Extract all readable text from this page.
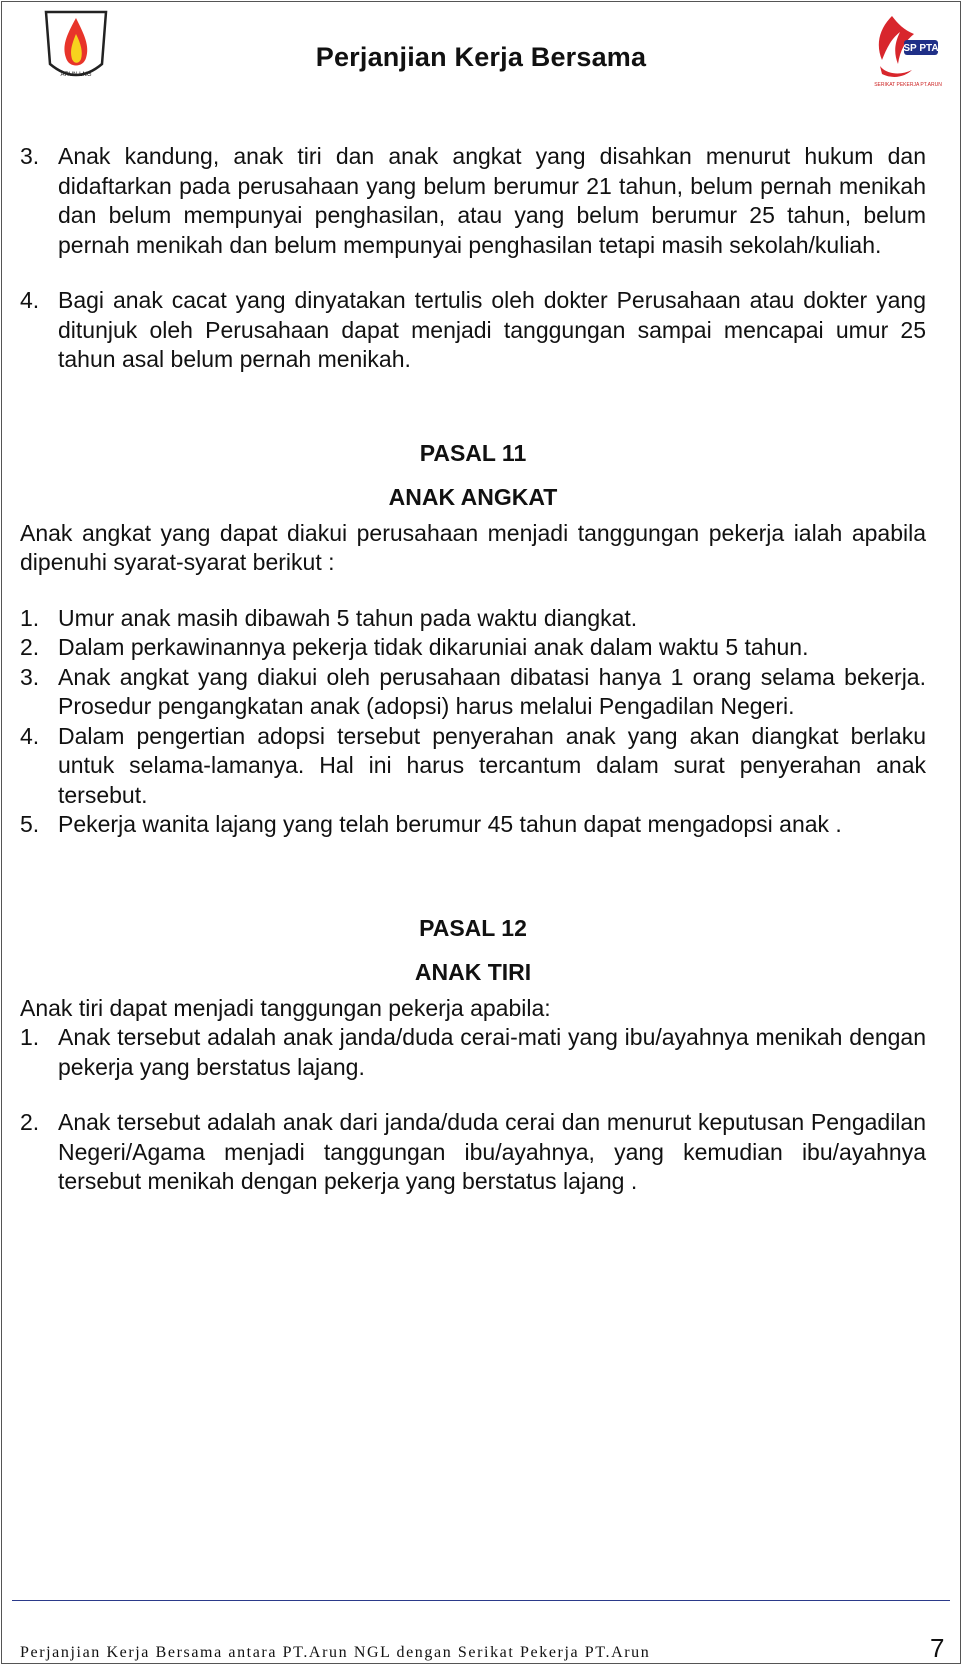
ARUN LNG
Perjanjian Kerja Bersama	SP PTA
SERIKAT PEKERJA PT.ARUN
3. Anak kandung, anak tiri dan anak angkat yang disahkan menurut hukum dan didaftarkan pada perusahaan yang belum berumur 21 tahun, belum pernah menikah dan belum mempunyai penghasilan, atau yang belum berumur 25 tahun, belum pernah menikah dan belum mempunyai penghasilan tetapi masih sekolah/kuliah.
4. Bagi anak cacat yang dinyatakan tertulis oleh dokter Perusahaan atau dokter yang ditunjuk oleh Perusahaan dapat menjadi tanggungan sampai mencapai umur 25 tahun asal belum pernah menikah.
PASAL 11
ANAK ANGKAT
Anak angkat yang dapat diakui perusahaan menjadi tanggungan pekerja ialah apabila dipenuhi syarat-syarat berikut :
1. Umur anak masih dibawah 5 tahun pada waktu diangkat.
2. Dalam perkawinannya pekerja tidak dikaruniai anak dalam waktu 5 tahun.
3. Anak angkat yang diakui oleh perusahaan dibatasi hanya 1 orang selama bekerja. Prosedur pengangkatan anak (adopsi) harus melalui Pengadilan Negeri.
4. Dalam pengertian adopsi tersebut penyerahan anak yang akan diangkat berlaku untuk selama-lamanya. Hal ini harus tercantum dalam surat penyerahan anak tersebut.
5. Pekerja wanita lajang yang telah berumur 45 tahun dapat mengadopsi anak .
PASAL 12
ANAK TIRI
Anak tiri dapat menjadi tanggungan pekerja apabila:
1. Anak tersebut adalah anak janda/duda cerai-mati yang ibu/ayahnya menikah dengan pekerja yang berstatus lajang.
2. Anak tersebut adalah anak dari janda/duda cerai dan menurut keputusan Pengadilan Negeri/Agama menjadi tanggungan ibu/ayahnya, yang kemudian ibu/ayahnya tersebut menikah dengan pekerja yang berstatus lajang .
Perjanjian Kerja Bersama antara PT.Arun NGL dengan Serikat Pekerja PT.Arun	7
